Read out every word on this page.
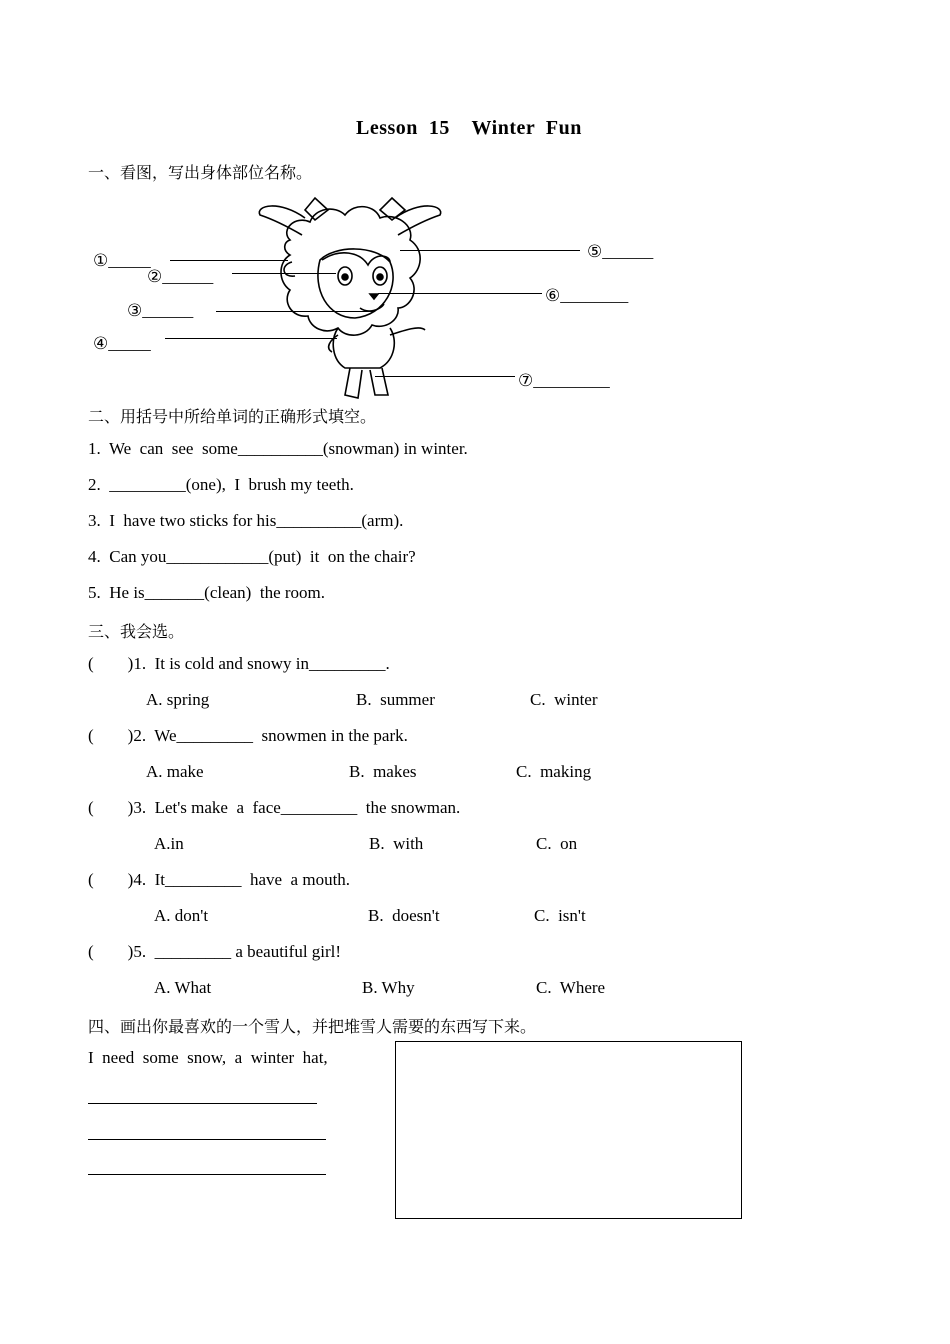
Lesson  15    Winter  Fun
一、看图，写出身体部位名称。
①_____
②______
③______
④_____
⑤______
⑥________
⑦_________
二、用括号中所给单词的正确形式填空。
1.  We  can  see  some__________(snowman) in winter.
2.  _________(one),  I  brush my teeth.
3.  I  have two sticks for his__________(arm).
4.  Can you____________(put)  it  on the chair?
5.  He is_______(clean)  the room.
三、我会选。
(        )1.  It is cold and snowy in_________.
A. spring	B.  summer	C.  winter
(        )2.  We_________  snowmen in the park.
A. make	B.  makes	C.  making
(        )3.  Let's make  a  face_________  the snowman.
A.in	B.  with	C.  on
(        )4.  It_________  have  a mouth.
A. don't	B.  doesn't	C.  isn't
(        )5.  _________ a beautiful girl!
A. What	B. Why	C.  Where
四、画出你最喜欢的一个雪人，并把堆雪人需要的东西写下来。
I  need  some  snow,  a  winter  hat,
